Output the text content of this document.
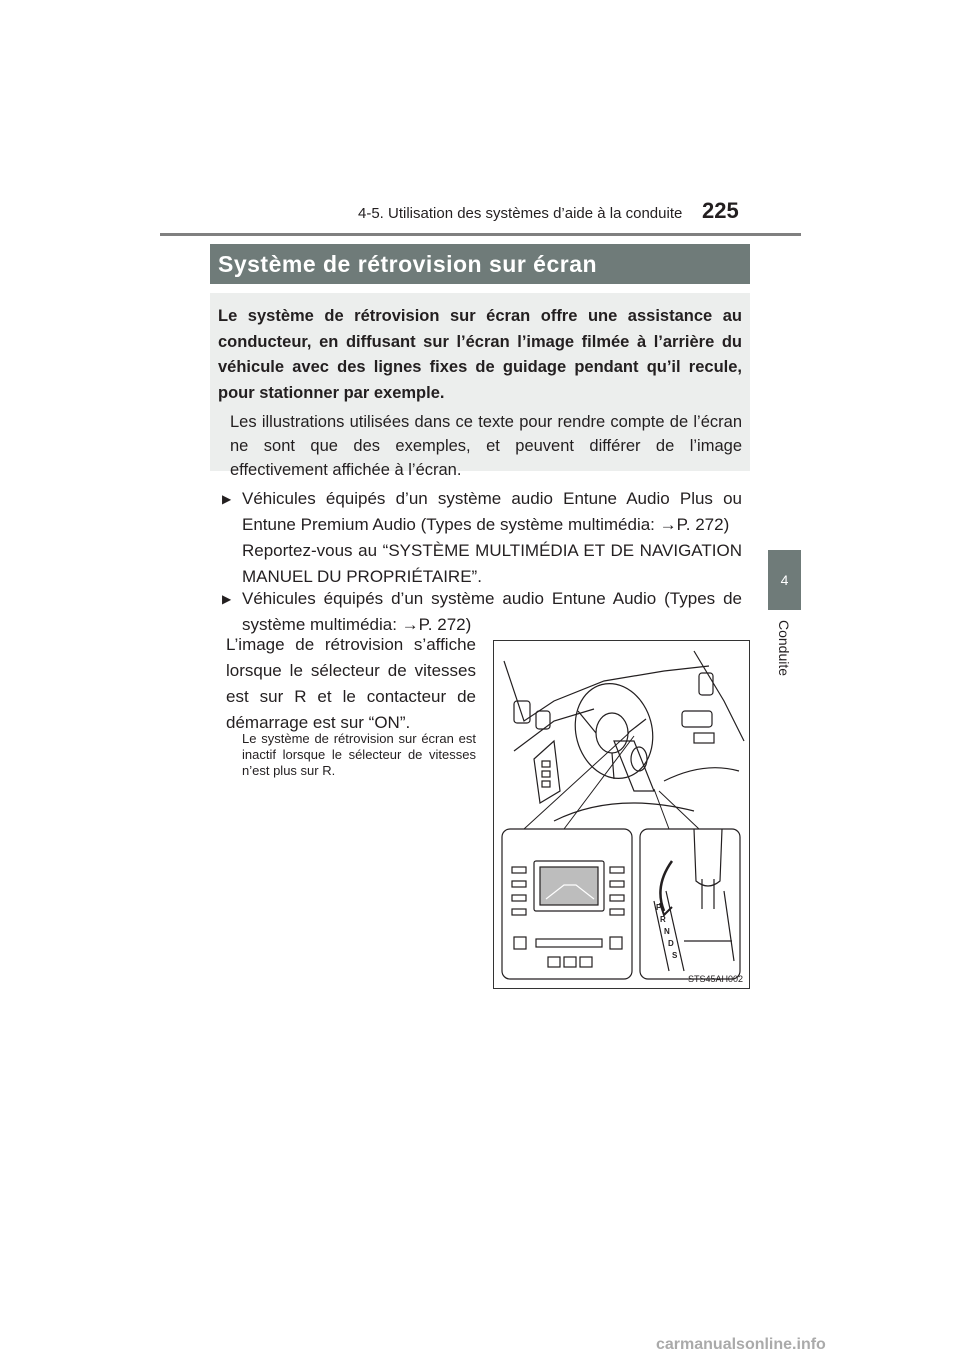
4-5. Utilisation des systèmes d’aide à la conduite 225
4
Conduite
Système de rétrovision sur écran

Le système de rétrovision sur écran offre une assistance au conducteur, en diffusant sur l’écran l’image filmée à l’arrière du véhicule avec des lignes fixes de guidage pendant qu’il recule, pour stationner par exemple.

Les illustrations utilisées dans ce texte pour rendre compte de l’écran ne sont que des exemples, et peuvent différer de l’image effectivement affichée à l’écran.

▶ Véhicules équipés d’un système audio Entune Audio Plus ou Entune Premium Audio (Types de système multimédia: →P. 272)
Reportez-vous au “SYSTÈME MULTIMÉDIA ET DE NAVIGATION MANUEL DU PROPRIÉTAIRE”.
▶ Véhicules équipés d’un système audio Entune Audio (Types de système multimédia: →P. 272)
L’image de rétrovision s’affiche lorsque le sélecteur de vitesses est sur R et le contacteur de démarrage est sur “ON”.
Le système de rétrovision sur écran est inactif lorsque le sélecteur de vitesses n’est plus sur R.
P
R
N
D
S
STS45AH002
carmanualsonline.info
